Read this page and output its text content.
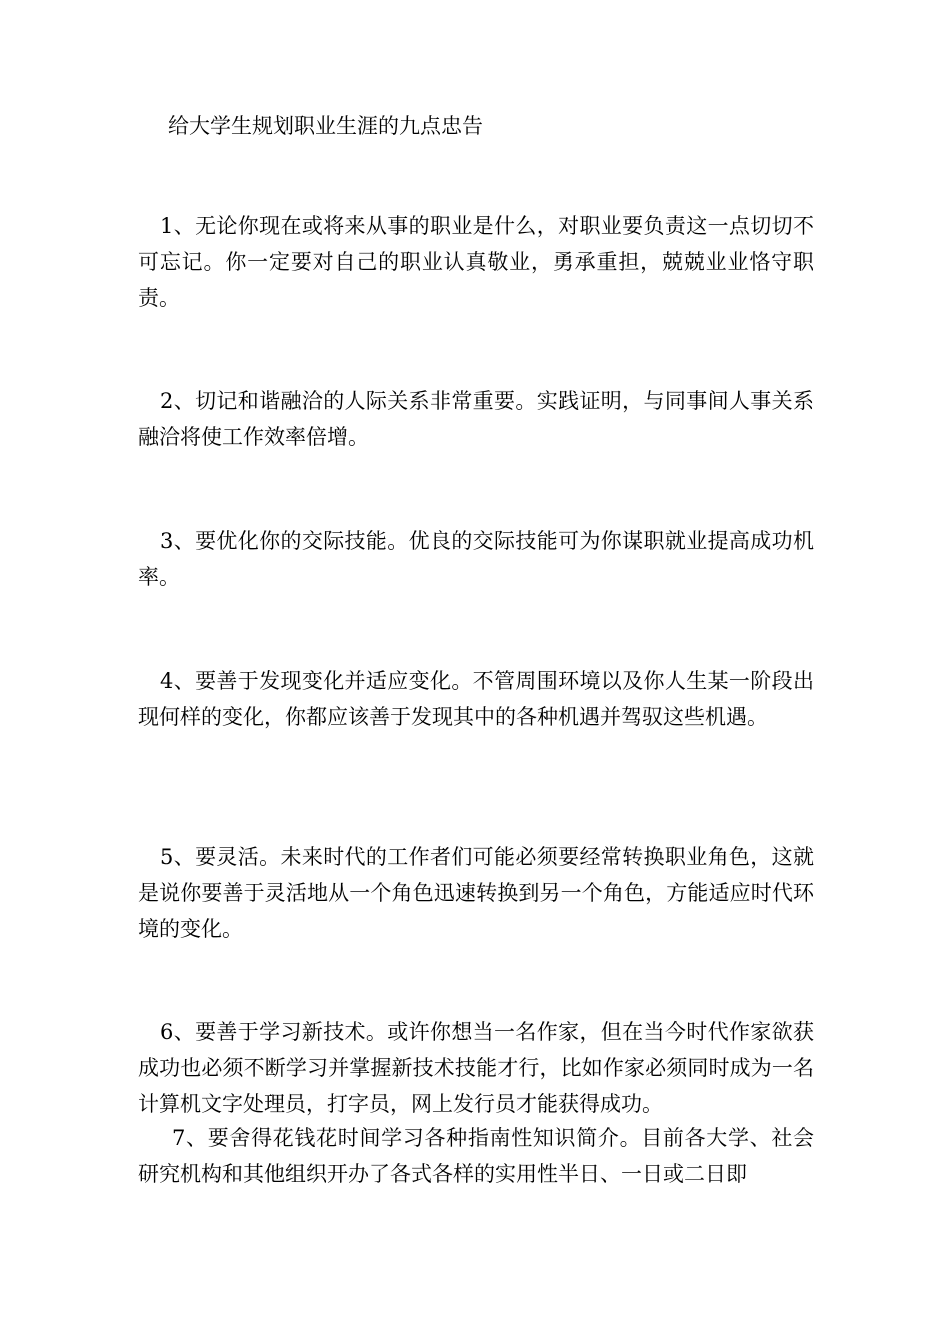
给大学生规划职业生涯的九点忠告
1、无论你现在或将来从事的职业是什么，对职业要负责这一点切切不可忘记。你一定要对自己的职业认真敬业，勇承重担，兢兢业业恪守职责。
2、切记和谐融洽的人际关系非常重要。实践证明，与同事间人事关系融洽将使工作效率倍增。
3、要优化你的交际技能。优良的交际技能可为你谋职就业提高成功机率。
4、要善于发现变化并适应变化。不管周围环境以及你人生某一阶段出现何样的变化，你都应该善于发现其中的各种机遇并驾驭这些机遇。
5、要灵活。未来时代的工作者们可能必须要经常转换职业角色，这就是说你要善于灵活地从一个角色迅速转换到另一个角色，方能适应时代环境的变化。
6、要善于学习新技术。或许你想当一名作家，但在当今时代作家欲获成功也必须不断学习并掌握新技术技能才行，比如作家必须同时成为一名计算机文字处理员，打字员，网上发行员才能获得成功。
7、要舍得花钱花时间学习各种指南性知识简介。目前各大学、社会研究机构和其他组织开办了各式各样的实用性半日、一日或二日即
